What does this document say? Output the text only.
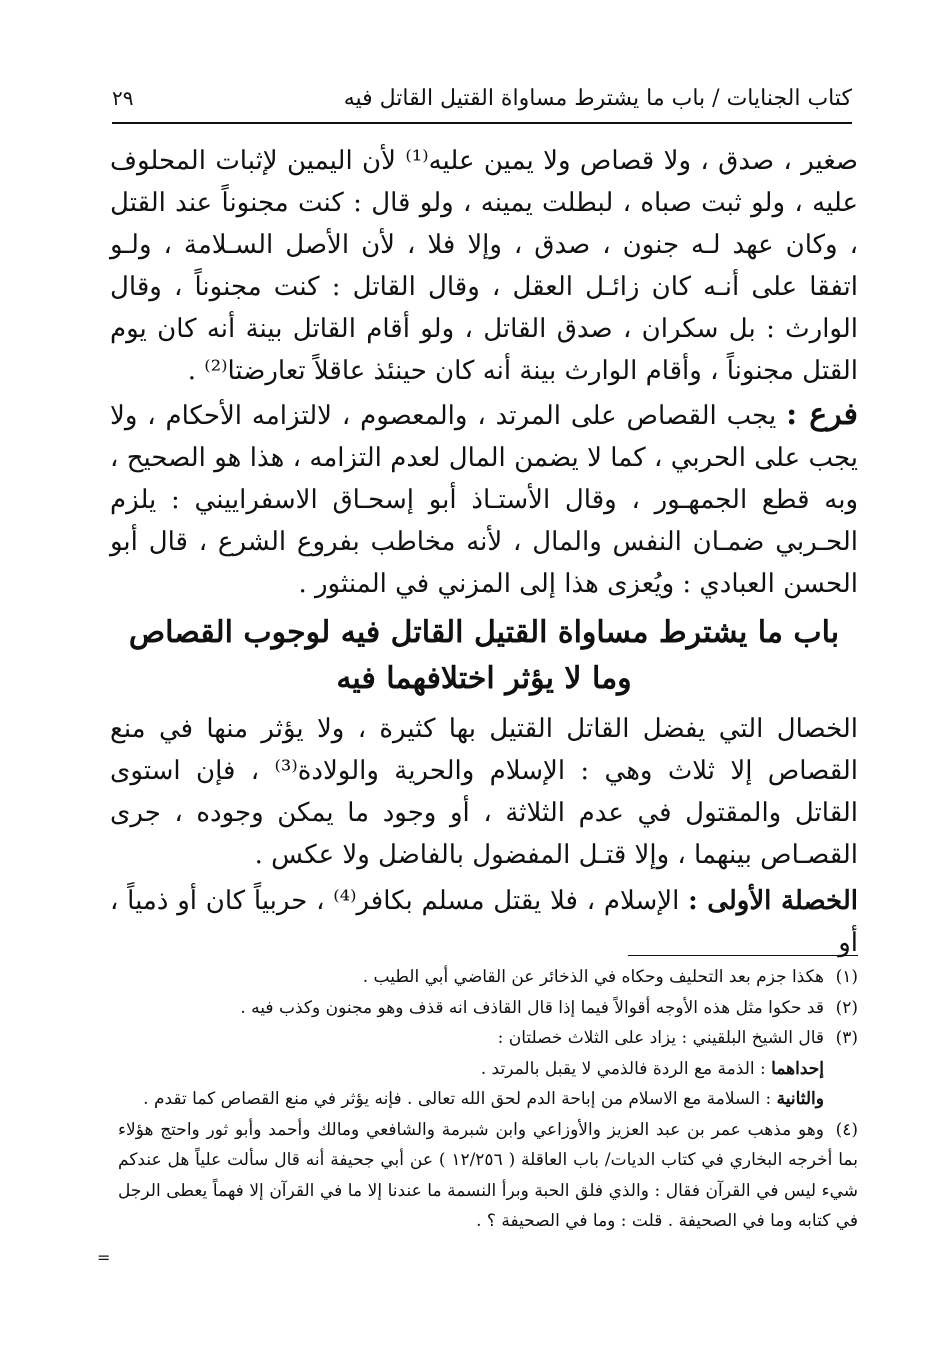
كتاب الجنايات / باب ما يشترط مساواة القتيل القاتل فيه
٢٩

صغير ، صدق ، ولا قصاص ولا يمين عليه⁽¹⁾ لأن اليمين لإثبات المحلوف عليه ، ولو ثبت صباه ، لبطلت يمينه ، ولو قال : كنت مجنوناً عند القتل ، وكان عهد لـه جنون ، صدق ، وإلا فلا ، لأن الأصل السـلامة ، ولـو اتفقا على أنـه كان زائـل العقل ، وقال القاتل : كنت مجنوناً ، وقال الوارث : بل سكران ، صدق القاتل ، ولو أقام القاتل بينة أنه كان يوم القتل مجنوناً ، وأقام الوارث بينة أنه كان حينئذ عاقلاً تعارضتا⁽²⁾ .

فرع : يجب القصاص على المرتد ، والمعصوم ، لالتزامه الأحكام ، ولا يجب على الحربي ، كما لا يضمن المال لعدم التزامه ، هذا هو الصحيح ، وبه قطع الجمهـور ، وقال الأستـاذ أبو إسحـاق الاسفراييني : يلزم الحـربي ضمـان النفس والمال ، لأنه مخاطب بفروع الشرع ، قال أبو الحسن العبادي : ويُعزى هذا إلى المزني في المنثور .

باب ما يشترط مساواة القتيل القاتل فيه لوجوب القصاص وما لا يؤثر اختلافهما فيه

الخصال التي يفضل القاتل القتيل بها كثيرة ، ولا يؤثر منها في منع القصاص إلا ثلاث وهي : الإسلام والحرية والولادة⁽³⁾ ، فإن استوى القاتل والمقتول في عدم الثلاثة ، أو وجود ما يمكن وجوده ، جرى القصـاص بينهما ، وإلا قتـل المفضول بالفاضل ولا عكس .

الخصلة الأولى : الإسلام ، فلا يقتل مسلم بكافر⁽⁴⁾ ، حربياً كان أو ذمياً ، أو

(١)هكذا جزم بعد التحليف وحكاه في الذخائر عن القاضي أبي الطيب .

(٢)قد حكوا مثل هذه الأوجه أقوالاً فيما إذا قال القاذف انه قذف وهو مجنون وكذب فيه .

(٣)قال الشيخ البلقيني : يزاد على الثلاث خصلتان :

إحداهما : الذمة مع الردة فالذمي لا يقبل بالمرتد .

والثانية : السلامة مع الاسلام من إباحة الدم لحق الله تعالى . فإنه يؤثر في منع القصاص كما تقدم .

(٤)وهو مذهب عمر بن عبد العزيز والأوزاعي وابن شبرمة والشافعي ومالك وأحمد وأبو ثور واحتج هؤلاء بما أخرجه البخاري في كتاب الديات/ باب العاقلة ( ١٢/٢٥٦ ) عن أبي جحيفة أنه قال سألت علياً هل عندكم شيء ليس في القرآن فقال : والذي فلق الحبة وبرأ النسمة ما عندنا إلا ما في القرآن إلا فهماً يعطى الرجل في كتابه وما في الصحيفة . قلت : وما في الصحيفة ؟ .

=
